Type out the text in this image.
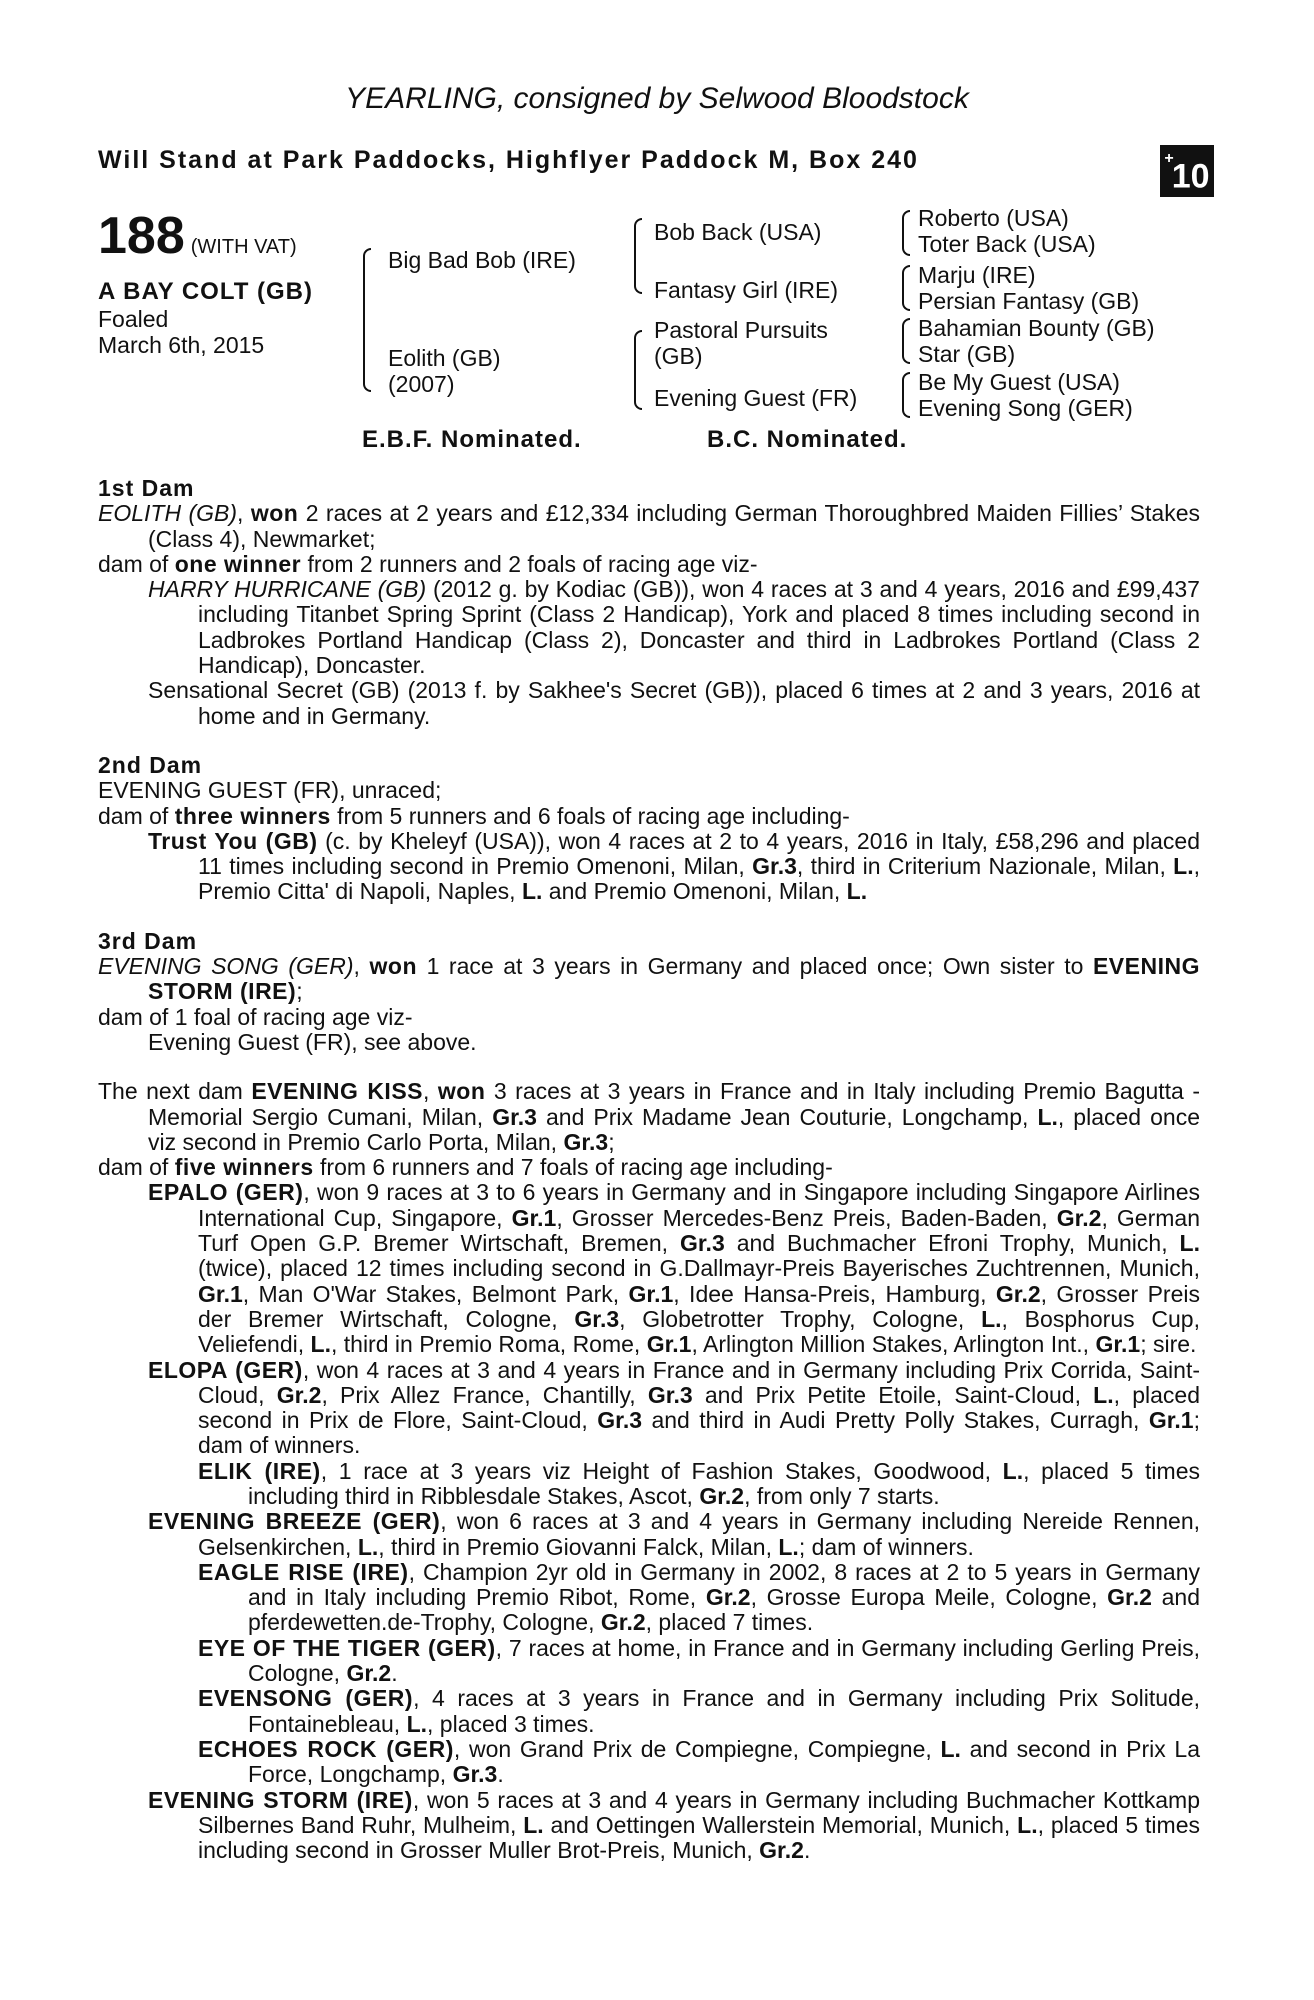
YEARLING, consigned by Selwood Bloodstock
Will Stand at Park Paddocks, Highflyer Paddock M, Box 240	+10
188 (WITH VAT)
A BAY COLT (GB)
Foaled
March 6th, 2015
Big Bad Bob (IRE)
Eolith (GB)
(2007)
Bob Back (USA)
Fantasy Girl (IRE)
Pastoral Pursuits
(GB)
Evening Guest (FR)
Roberto (USA)
Toter Back (USA)
Marju (IRE)
Persian Fantasy (GB)
Bahamian Bounty (GB)
Star (GB)
Be My Guest (USA)
Evening Song (GER)
E.B.F. Nominated.	B.C. Nominated.

1st Dam

EOLITH (GB), won 2 races at 2 years and £12,334 including German Thoroughbred Maiden Fillies’ Stakes (Class 4), Newmarket;

dam of one winner from 2 runners and 2 foals of racing age viz-

HARRY HURRICANE (GB) (2012 g. by Kodiac (GB)), won 4 races at 3 and 4 years, 2016 and £99,437 including Titanbet Spring Sprint (Class 2 Handicap), York and placed 8 times including second in Ladbrokes Portland Handicap (Class 2), Doncaster and third in Ladbrokes Portland (Class 2 Handicap), Doncaster.

Sensational Secret (GB) (2013 f. by Sakhee's Secret (GB)), placed 6 times at 2 and 3 years, 2016 at home and in Germany.

2nd Dam

EVENING GUEST (FR), unraced;

dam of three winners from 5 runners and 6 foals of racing age including-

Trust You (GB) (c. by Kheleyf (USA)), won 4 races at 2 to 4 years, 2016 in Italy, £58,296 and placed 11 times including second in Premio Omenoni, Milan, Gr.3, third in Criterium Nazionale, Milan, L., Premio Citta' di Napoli, Naples, L. and Premio Omenoni, Milan, L.

3rd Dam

EVENING SONG (GER), won 1 race at 3 years in Germany and placed once; Own sister to EVENING STORM (IRE);

dam of 1 foal of racing age viz-

Evening Guest (FR), see above.

The next dam EVENING KISS, won 3 races at 3 years in France and in Italy including Premio Bagutta - Memorial Sergio Cumani, Milan, Gr.3 and Prix Madame Jean Couturie, Longchamp, L., placed once viz second in Premio Carlo Porta, Milan, Gr.3;

dam of five winners from 6 runners and 7 foals of racing age including-

EPALO (GER), won 9 races at 3 to 6 years in Germany and in Singapore including Singapore Airlines International Cup, Singapore, Gr.1, Grosser Mercedes-Benz Preis, Baden-Baden, Gr.2, German Turf Open G.P. Bremer Wirtschaft, Bremen, Gr.3 and Buchmacher Efroni Trophy, Munich, L. (twice), placed 12 times including second in G.Dallmayr-Preis Bayerisches Zuchtrennen, Munich, Gr.1, Man O'War Stakes, Belmont Park, Gr.1, Idee Hansa-Preis, Hamburg, Gr.2, Grosser Preis der Bremer Wirtschaft, Cologne, Gr.3, Globetrotter Trophy, Cologne, L., Bosphorus Cup, Veliefendi, L., third in Premio Roma, Rome, Gr.1, Arlington Million Stakes, Arlington Int., Gr.1; sire.

ELOPA (GER), won 4 races at 3 and 4 years in France and in Germany including Prix Corrida, Saint-Cloud, Gr.2, Prix Allez France, Chantilly, Gr.3 and Prix Petite Etoile, Saint-Cloud, L., placed second in Prix de Flore, Saint-Cloud, Gr.3 and third in Audi Pretty Polly Stakes, Curragh, Gr.1; dam of winners.

ELIK (IRE), 1 race at 3 years viz Height of Fashion Stakes, Goodwood, L., placed 5 times including third in Ribblesdale Stakes, Ascot, Gr.2, from only 7 starts.

EVENING BREEZE (GER), won 6 races at 3 and 4 years in Germany including Nereide Rennen, Gelsenkirchen, L., third in Premio Giovanni Falck, Milan, L.; dam of winners.

EAGLE RISE (IRE), Champion 2yr old in Germany in 2002, 8 races at 2 to 5 years in Germany and in Italy including Premio Ribot, Rome, Gr.2, Grosse Europa Meile, Cologne, Gr.2 and pferdewetten.de-Trophy, Cologne, Gr.2, placed 7 times.

EYE OF THE TIGER (GER), 7 races at home, in France and in Germany including Gerling Preis, Cologne, Gr.2.

EVENSONG (GER), 4 races at 3 years in France and in Germany including Prix Solitude, Fontainebleau, L., placed 3 times.

ECHOES ROCK (GER), won Grand Prix de Compiegne, Compiegne, L. and second in Prix La Force, Longchamp, Gr.3.

EVENING STORM (IRE), won 5 races at 3 and 4 years in Germany including Buchmacher Kottkamp Silbernes Band Ruhr, Mulheim, L. and Oettingen Wallerstein Memorial, Munich, L., placed 5 times including second in Grosser Muller Brot-Preis, Munich, Gr.2.
